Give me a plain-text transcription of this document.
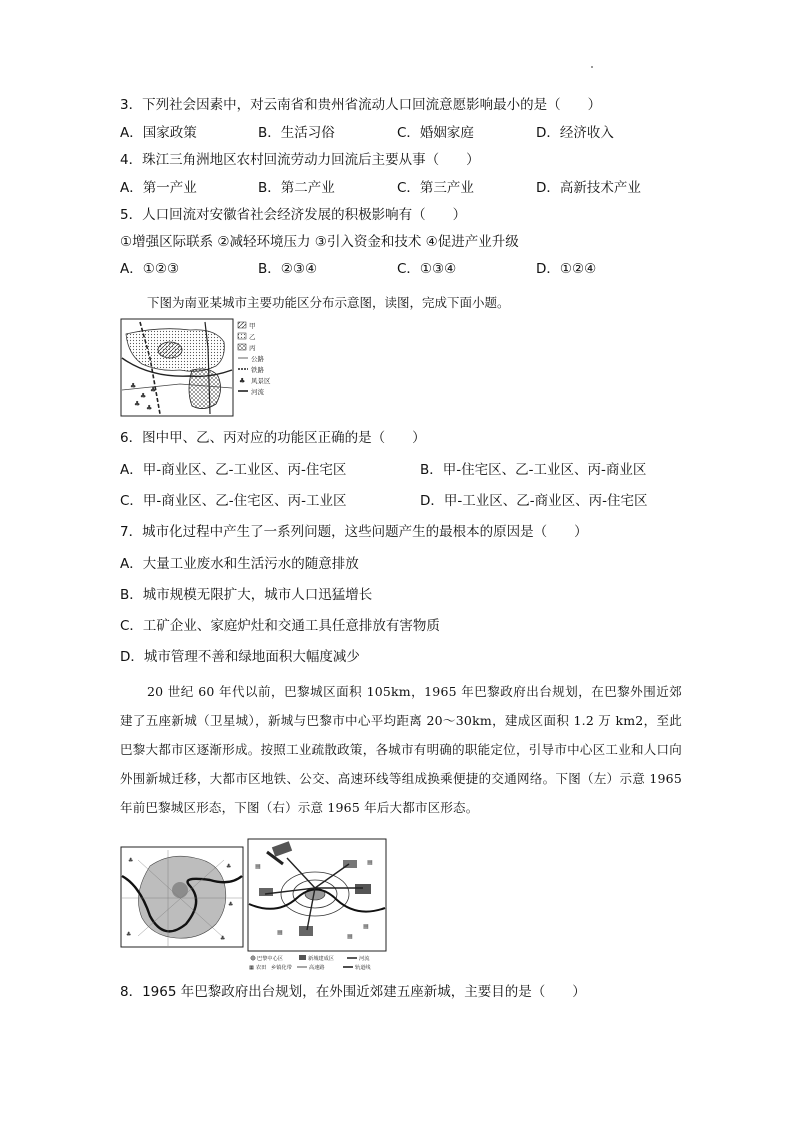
3．下列社会因素中，对云南省和贵州省流动人口回流意愿影响最小的是（　　）
A．国家政策	B．生活习俗	C．婚姻家庭	D．经济收入
4．珠江三角洲地区农村回流劳动力回流后主要从事（　　）
A．第一产业	B．第二产业	C．第三产业	D．高新技术产业
5．人口回流对安徽省社会经济发展的积极影响有（　　）
①增强区际联系 ②减轻环境压力 ③引入资金和技术 ④促进产业升级
A．①②③	B．②③④	C．①③④	D．①②④
下图为南亚某城市主要功能区分布示意图，读图，完成下面小题。
♣
♣
♣
♣ ♣
甲
乙
丙
公路
铁路
♣ 风景区
河流
6．图中甲、乙、丙对应的功能区正确的是（　　）
A．甲-商业区、乙-工业区、丙-住宅区	B．甲-住宅区、乙-工业区、丙-商业区
C．甲-商业区、乙-住宅区、丙-工业区	D．甲-工业区、乙-商业区、丙-住宅区
7．城市化过程中产生了一系列问题，这些问题产生的最根本的原因是（　　）
A．大量工业废水和生活污水的随意排放
B．城市规模无限扩大，城市人口迅猛增长
C．工矿企业、家庭炉灶和交通工具任意排放有害物质
D．城市管理不善和绿地面积大幅度减少
20 世纪 60 年代以前，巴黎城区面积 105km，1965 年巴黎政府出台规划，在巴黎外围近郊建了五座新城（卫星城），新城与巴黎市中心平均距离 20～30km，建成区面积 1.2 万 km2，至此巴黎大都市区逐渐形成。按照工业疏散政策，各城市有明确的职能定位，引导市中心区工业和人口向外围新城迁移，大都市区地铁、公交、高速环线等组成换乘便捷的交通网络。下图（左）示意 1965 年前巴黎城区形态，下图（右）示意 1965 年后大都市区形态。
♣
♣
♣
♣
♣
▦
▦
▦
▦
▦
巴黎中心区	新城建成区	河流
▦ 农田 乡镇化带	高速路	轨道线
8．1965 年巴黎政府出台规划，在外围近郊建五座新城，主要目的是（　　）
